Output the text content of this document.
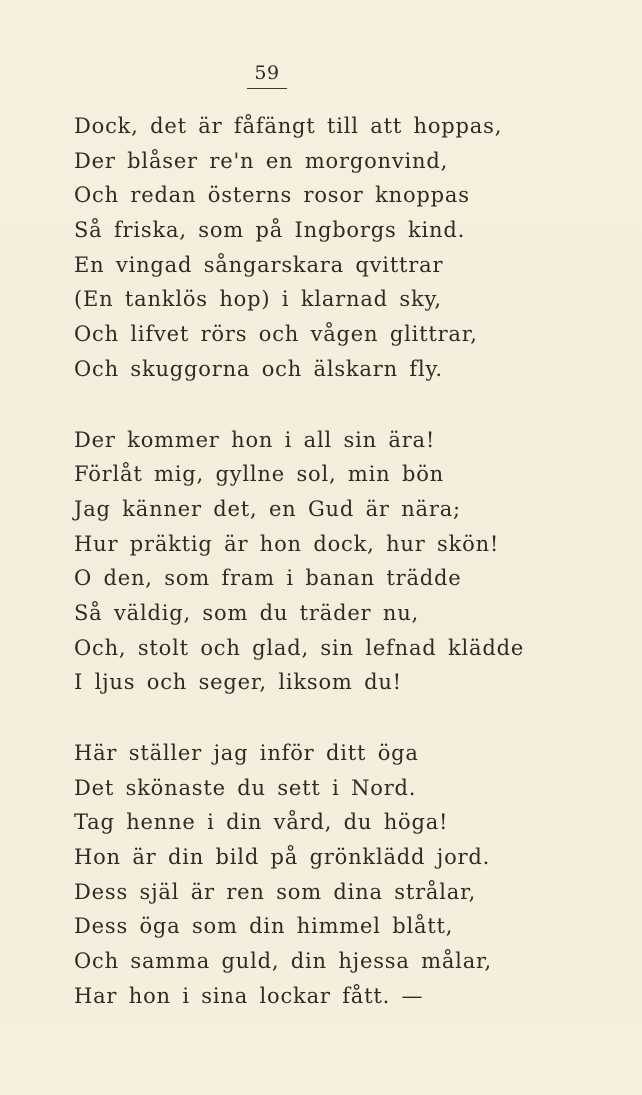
59
Dock, det är fåfängt till att hoppas,
Der blåser re'n en morgonvind,
Och redan österns rosor knoppas
Så friska, som på Ingborgs kind.
En vingad sångarskara qvittrar
(En tanklös hop) i klarnad sky,
Och lifvet rörs och vågen glittrar,
Och skuggorna och älskarn fly.
Der kommer hon i all sin ära!
Förlåt mig, gyllne sol, min bön
Jag känner det, en Gud är nära;
Hur präktig är hon dock, hur skön!
O den, som fram i banan trädde
Så väldig, som du träder nu,
Och, stolt och glad, sin lefnad klädde
I ljus och seger, liksom du!
Här ställer jag inför ditt öga
Det skönaste du sett i Nord.
Tag henne i din vård, du höga!
Hon är din bild på grönklädd jord.
Dess själ är ren som dina strålar,
Dess öga som din himmel blått,
Och samma guld, din hjessa målar,
Har hon i sina lockar fått. —
